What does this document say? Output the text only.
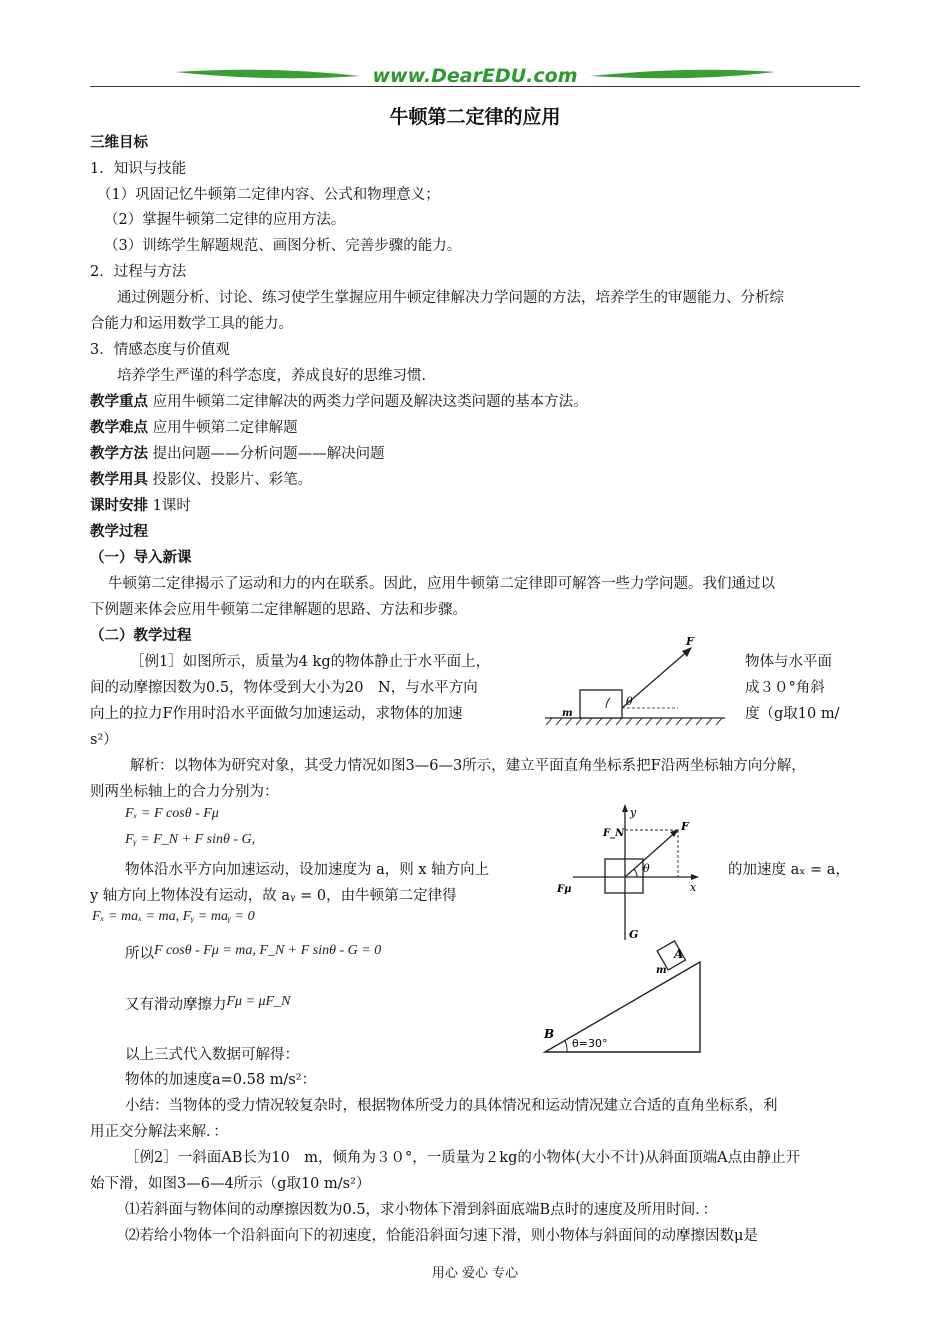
www.DearEDU.com
牛顿第二定律的应用
三维目标
1．知识与技能
（1）巩固记忆牛顿第二定律内容、公式和物理意义；
（2）掌握牛顿第二定律的应用方法。
（3）训练学生解题规范、画图分析、完善步骤的能力。
2．过程与方法
通过例题分析、讨论、练习使学生掌握应用牛顿定律解决力学问题的方法，培养学生的审题能力、分析综
合能力和运用数学工具的能力。
3．情感态度与价值观
培养学生严谨的科学态度，养成良好的思维习惯．
教学重点 应用牛顿第二定律解决的两类力学问题及解决这类问题的基本方法。
教学难点 应用牛顿第二定律解题
教学方法 提出问题——分析问题——解决问题
教学用具 投影仪、投影片、彩笔。
课时安排 1课时
教学过程
（一）导入新课
牛顿第二定律揭示了运动和力的内在联系。因此，应用牛顿第二定律即可解答一些力学问题。我们通过以
下例题来体会应用牛顿第二定律解题的思路、方法和步骤。
（二）教学过程
［例1］如图所示，质量为4 kg的物体静止于水平面上，	物体与水平面
间的动摩擦因数为0.5，物体受到大小为20　N，与水平方向	成３０°角斜
向上的拉力F作用时沿水平面做匀加速运动，求物体的加速	度（g取10 m/
s²）
F
m
θ
解析：以物体为研究对象，其受力情况如图3—6—3所示，建立平面直角坐标系把F沿两坐标轴方向分解，
则两坐标轴上的合力分别为：
Fₓ = F cosθ - Fμ
Fᵧ = F_N + F sinθ - G,
物体沿水平方向加速运动，设加速度为 a，则 x 轴方向上	的加速度 aₓ = a，
y 轴方向上物体没有运动，故 aᵧ = 0，由牛顿第二定律得
Fₓ = maₓ = ma, Fᵧ = maᵧ = 0
所以F cosθ - Fμ = ma, F_N + F sinθ - G = 0
又有滑动摩擦力Fμ = μF_N
以上三式代入数据可解得：
物体的加速度a=0.58 m/s²：
y
x
F_N
F
θ
Fμ
G
A
m
B
θ=30°
小结：当物体的受力情况较复杂时，根据物体所受力的具体情况和运动情况建立合适的直角坐标系，利
用正交分解法来解．：
［例2］一斜面AB长为10　m，倾角为３０°，一质量为２kg的小物体(大小不计)从斜面顶端A点由静止开
始下滑，如图3—6—4所示（g取10 m/s²）
⑴若斜面与物体间的动摩擦因数为0.5，求小物体下滑到斜面底端B点时的速度及所用时间．：
⑵若给小物体一个沿斜面向下的初速度，恰能沿斜面匀速下滑，则小物体与斜面间的动摩擦因数μ是
用心 爱心 专心
